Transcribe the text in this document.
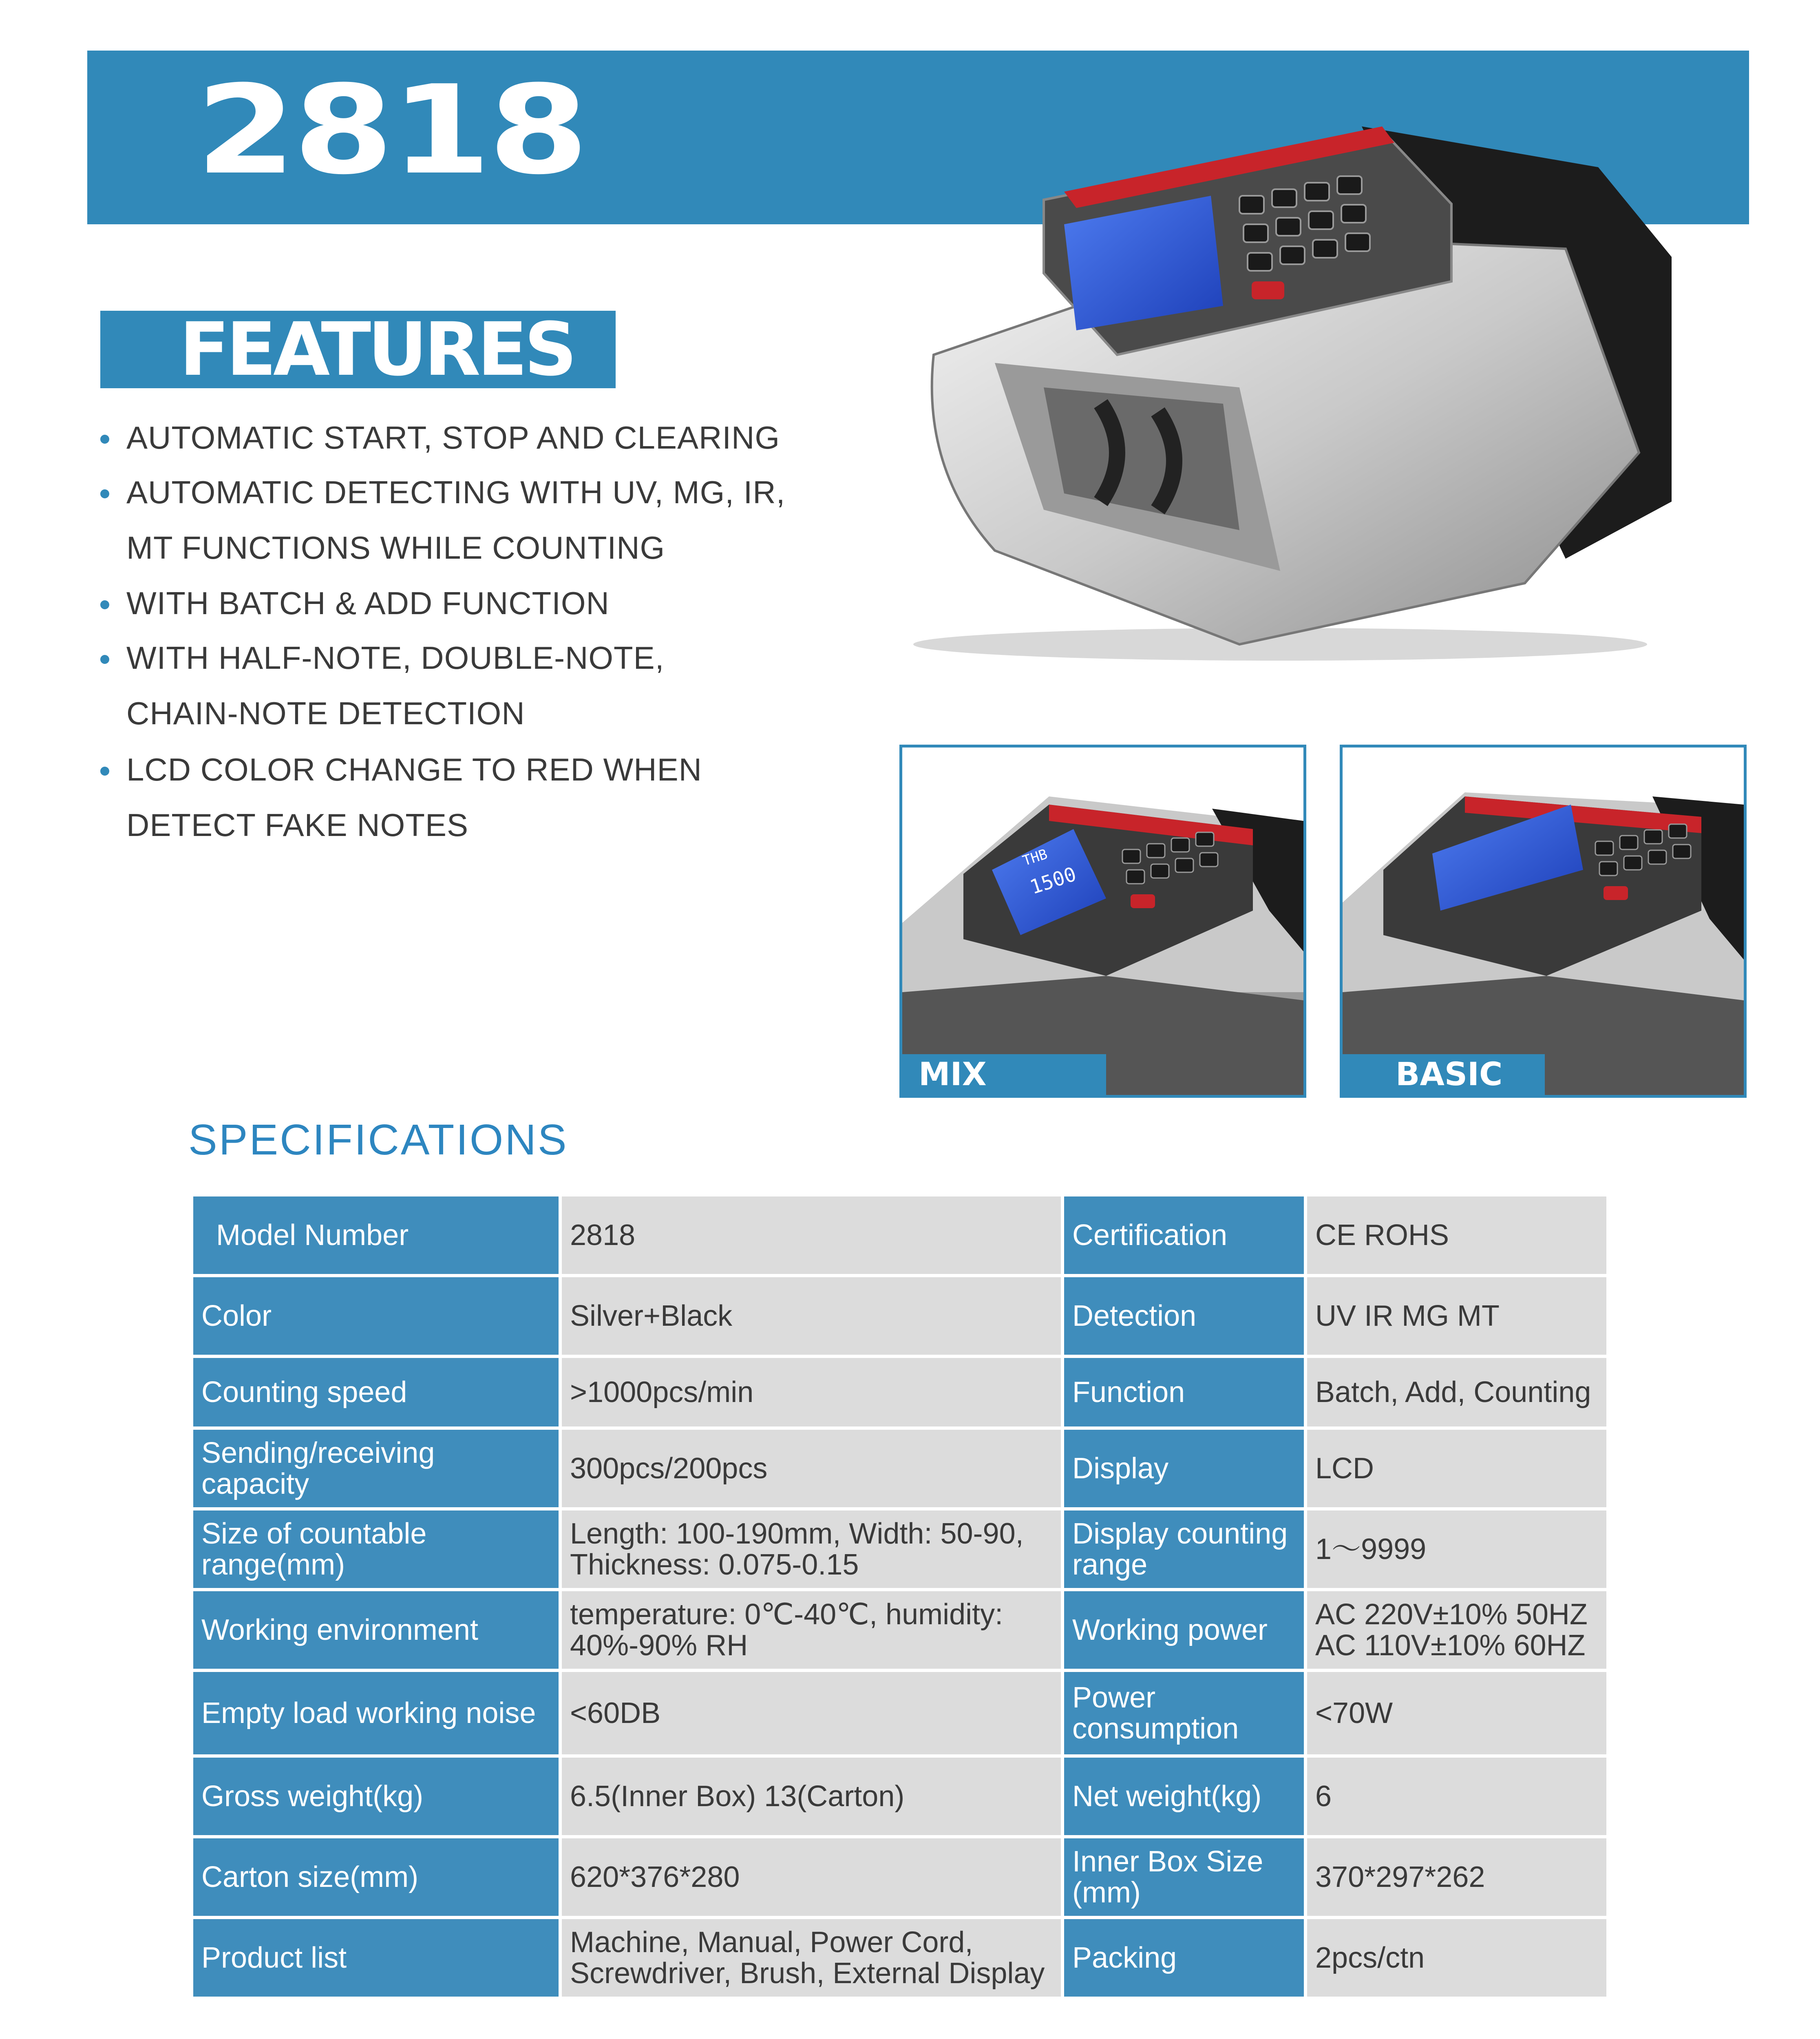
2818
FEATURES
AUTOMATIC START, STOP AND CLEARING
AUTOMATIC DETECTING WITH UV, MG, IR,
MT FUNCTIONS WHILE COUNTING
WITH BATCH & ADD FUNCTION
WITH HALF-NOTE, DOUBLE-NOTE,
CHAIN-NOTE DETECTION
LCD COLOR CHANGE TO RED WHEN
DETECT FAKE NOTES
THB
1500
MIX VALUE
BASIC
SPECIFICATIONS
Model Number	2818	Certification	CE ROHS
Color	Silver+Black	Detection	UV IR MG MT
Counting speed	>1000pcs/min	Function	Batch, Add, Counting
Sending/receiving capacity	300pcs/200pcs	Display	LCD
Size of countable range(mm)	Length: 100-190mm, Width: 50-90, Thickness: 0.075-0.15	Display counting range	1～9999
Working environment	temperature: 0℃-40℃, humidity: 40%-90% RH	Working power	AC 220V±10% 50HZ AC 110V±10% 60HZ
Empty load working noise	<60DB	Power consumption	<70W
Gross weight(kg)	6.5(Inner Box) 13(Carton)	Net weight(kg)	6
Carton size(mm)	620*376*280	Inner Box Size (mm)	370*297*262
Product list	Machine, Manual, Power Cord, Screwdriver, Brush, External Display	Packing	2pcs/ctn
